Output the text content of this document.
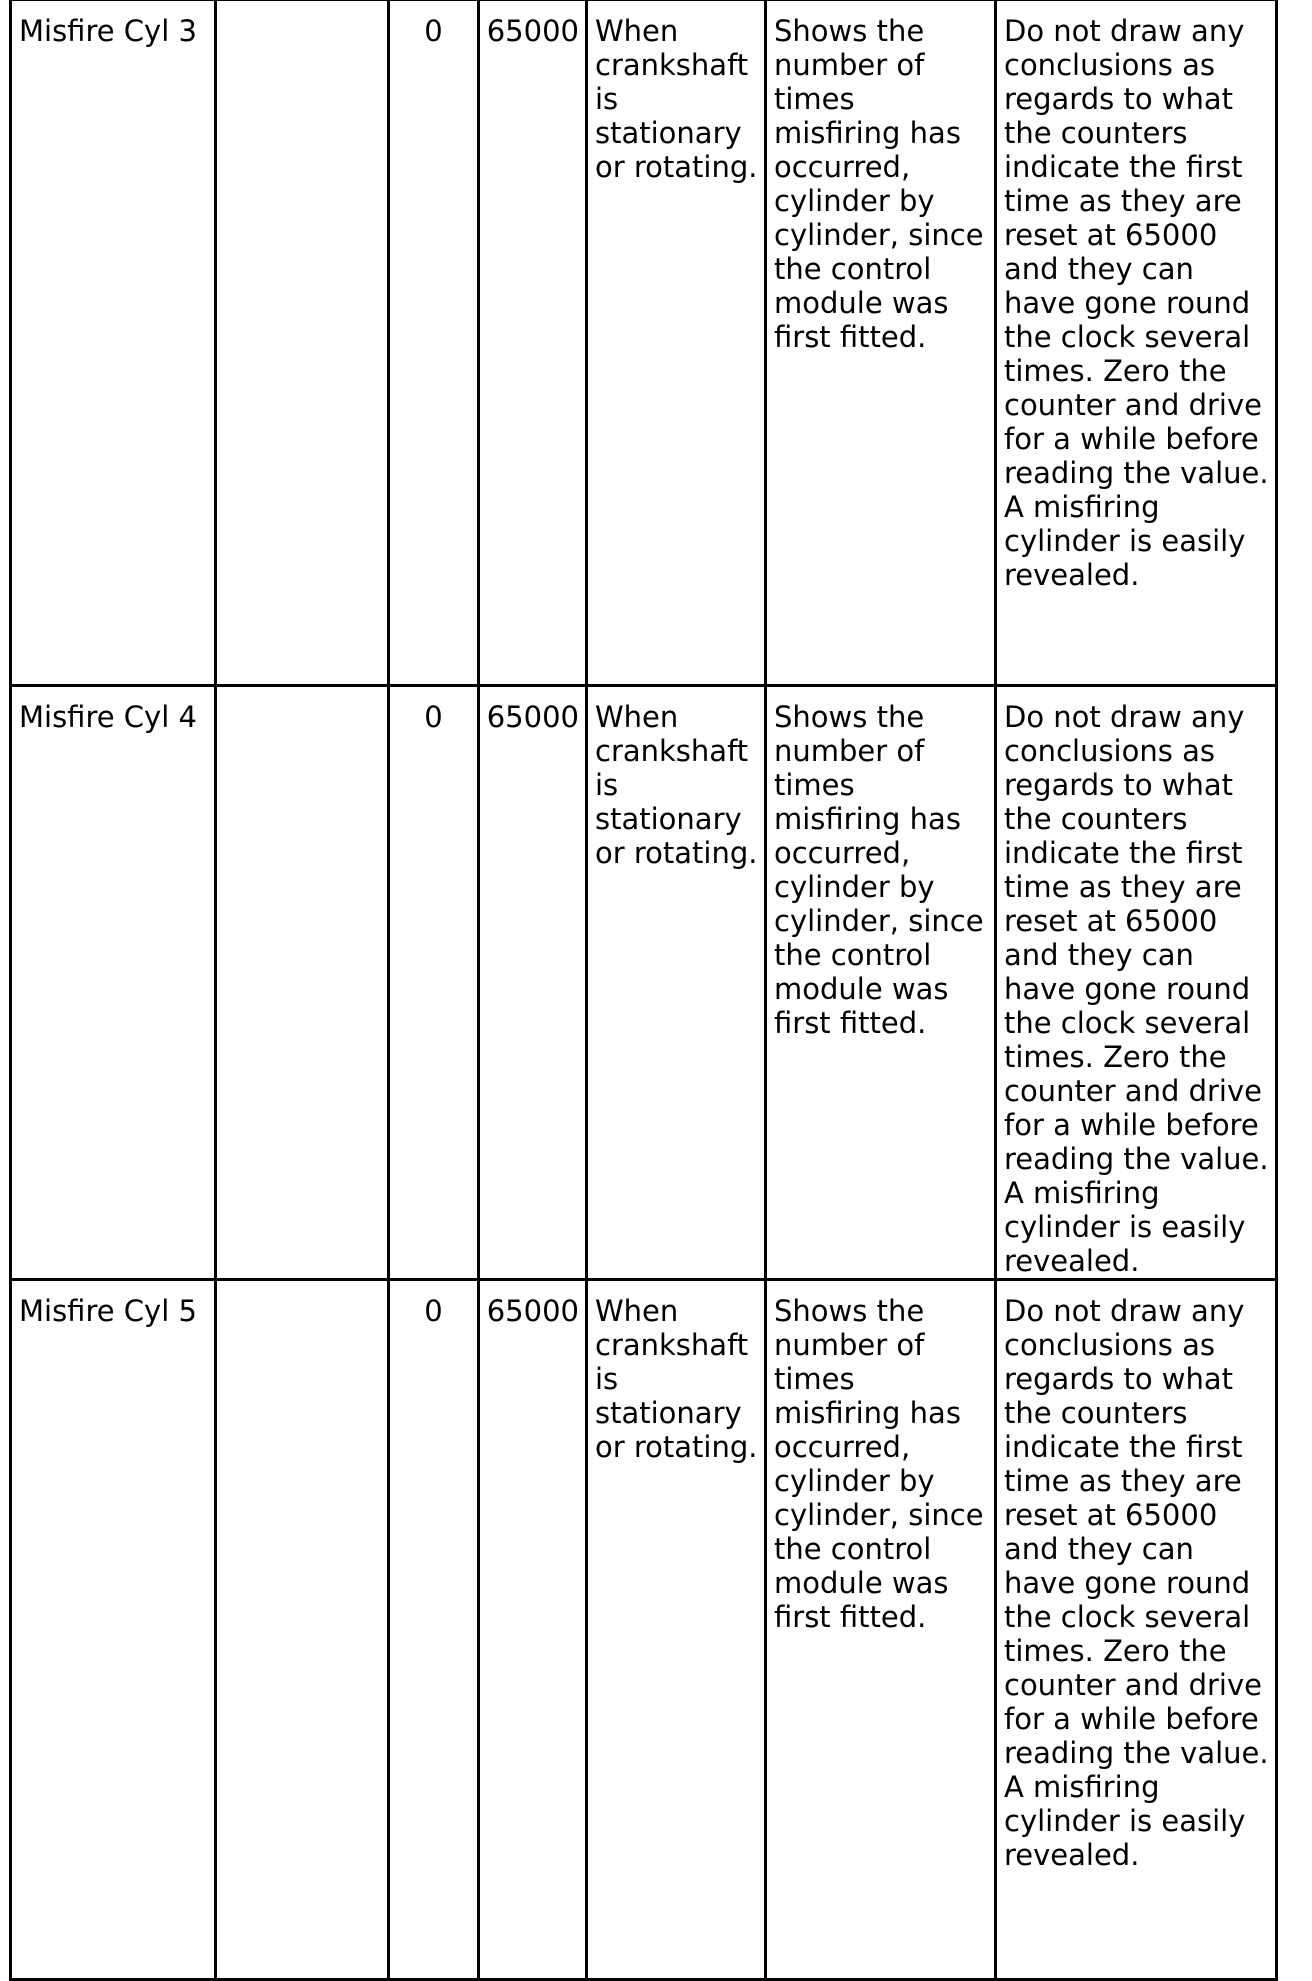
Misfire Cyl 3		0	65000	When crankshaft is stationary or rotating.	Shows the number of times misfiring has occurred, cylinder by cylinder, since the control module was first fitted.	Do not draw any conclusions as regards to what the counters indicate the first time as they are reset at 65000 and they can have gone round the clock several times. Zero the counter and drive for a while before reading the value. A misfiring cylinder is easily revealed.
Misfire Cyl 4		0	65000	When crankshaft is stationary or rotating.	Shows the number of times misfiring has occurred, cylinder by cylinder, since the control module was first fitted.	Do not draw any conclusions as regards to what the counters indicate the first time as they are reset at 65000 and they can have gone round the clock several times. Zero the counter and drive for a while before reading the value. A misfiring cylinder is easily revealed.
Misfire Cyl 5		0	65000	When crankshaft is stationary or rotating.	Shows the number of times misfiring has occurred, cylinder by cylinder, since the control module was first fitted.	Do not draw any conclusions as regards to what the counters indicate the first time as they are reset at 65000 and they can have gone round the clock several times. Zero the counter and drive for a while before reading the value. A misfiring cylinder is easily revealed.
